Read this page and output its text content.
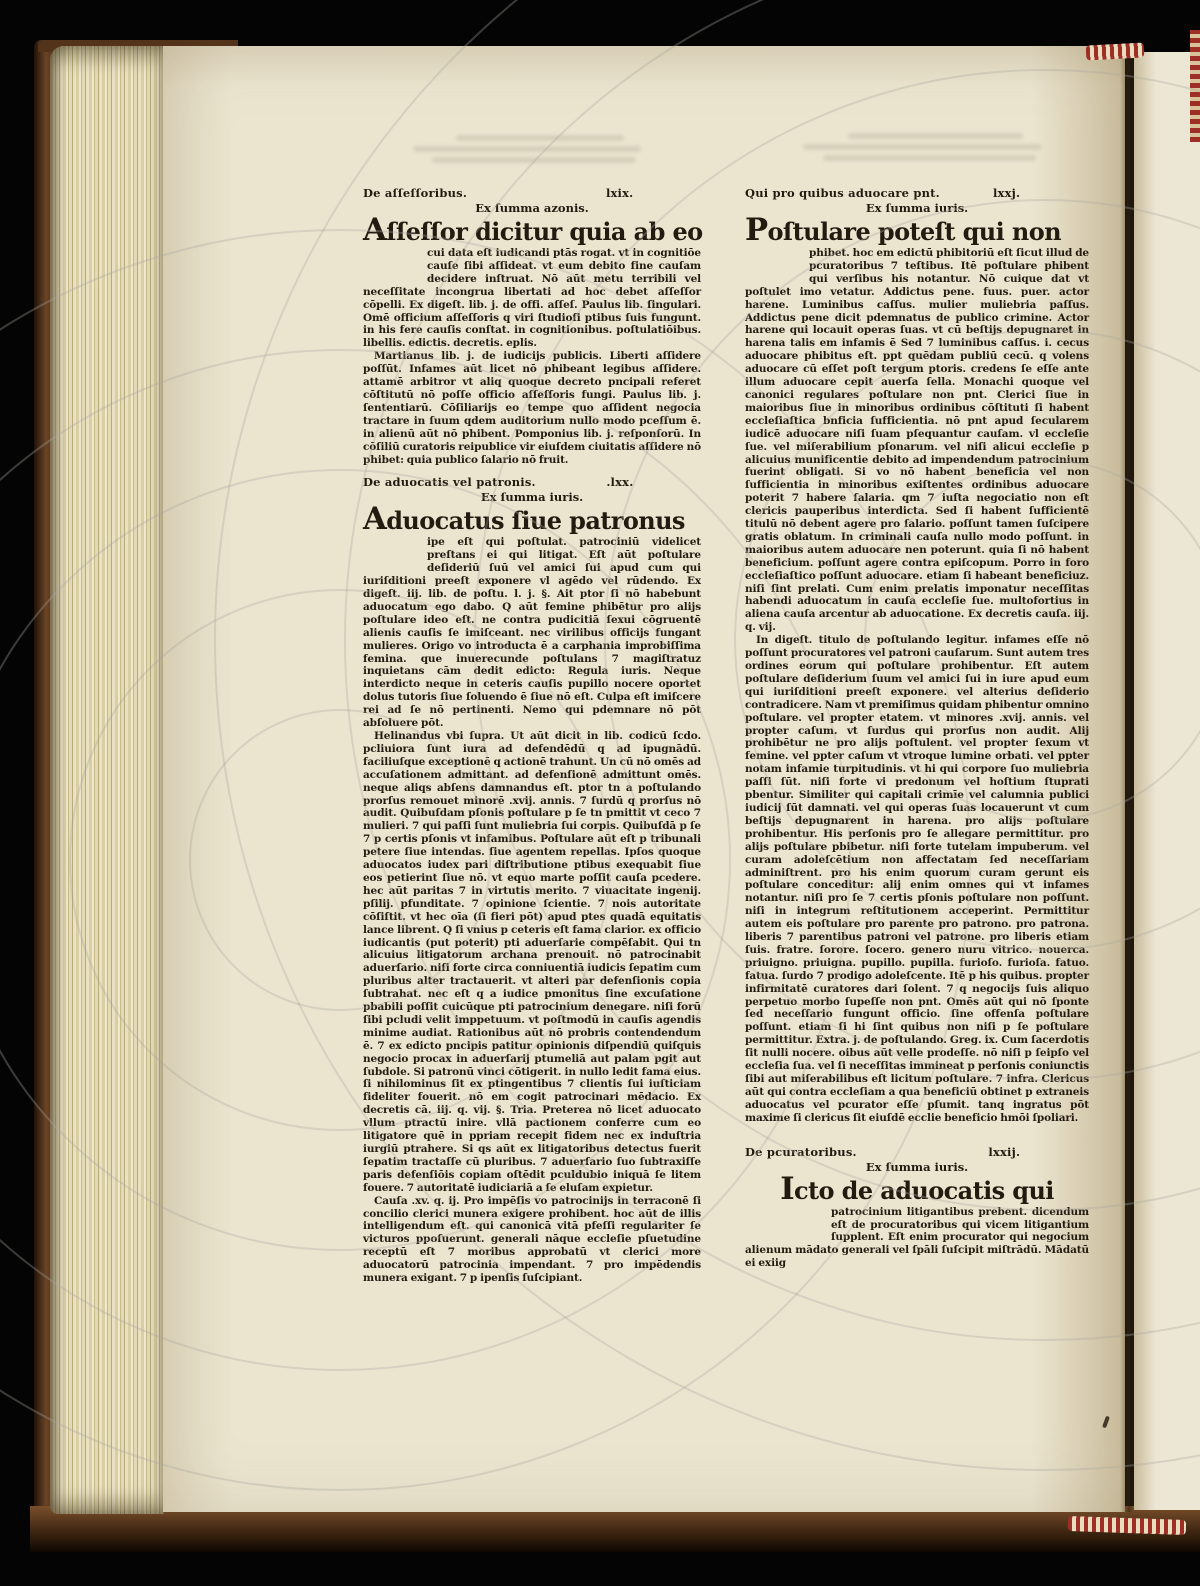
De aſſeſſoribus.	lxix.
Ex ſumma azonis.
Aſſeſſor dicitur quia ab eo

cui data eſt iudicandi ptās rogat. vt in cognitiōe cauſe ſibi aſſideat. vt eum debito fine cauſam decidere inſtruat. Nō aūt metu terribili vel neceſſitate incongrua libertati ad hoc debet aſſeſſor cōpelli. Ex digeſt. lib. j. de offi. aſſeſ. Paulus lib. ſingulari. Omē officium aſſeſſoris q viri ſtudioſi ptibus ſuis fungunt. in his fere cauſis conſtat. in cognitionibus. poſtulatiōibus. libellis. edictis. decretis. eplis.

Martianus lib. j. de iudicijs publicis. Liberti aſſidere poſſūt. Infames aūt licet nō phibeant legibus aſſidere. attamē arbitror vt aliq quoque decreto pncipali referet cōſtitutū nō poſſe officio aſſeſſoris fungi. Paulus lib. j. ſententiarū. Cōſiliarijs eo tempe quo aſſident negocia tractare in ſuum qdem auditorium nullo modo pceſſum ē. in alienū aūt nō phibent. Pomponius lib. j. reſponſorū. In cōſiliū curatoris reipublice vir eiuſdem ciuitatis aſſidere nō phibet: quia publico ſalario nō fruit.

De aduocatis vel patronis.	.lxx.
Ex ſumma iuris.
Aduocatus ſiue patronus

ipe eſt qui poſtulat. patrociniū videlicet preſtans ei qui litigat. Eſt aūt poſtulare deſideriū ſuū vel amici ſui apud cum qui iuriſditioni preeſt exponere vl agēdo vel rūdendo. Ex digeſt. iij. lib. de poſtu. l. j. §. Ait ptor ſi nō habebunt aduocatum ego dabo. Q aūt femine phibētur pro alijs poſtulare ideo eſt. ne contra pudicitiā ſexui cōgruentē alienis cauſis ſe imiſceant. nec virilibus officijs fungant mulieres. Origo vo introducta ē a carphania improbiſſima femina. que inuerecunde poſtulans 7 magiſtratuz inquietans cām dedit edicto: Regula iuris. Neque interdicto neque in ceteris cauſis pupillo nocere oportet dolus tutoris ſiue ſoluendo ē ſiue nō eſt. Culpa eſt imiſcere rei ad ſe nō pertinenti. Nemo qui pdemnare nō pōt abſoluere pōt.

Helinandus vbi ſupra. Ut aūt dicit in lib. codicū ſcdo. pcliuiora ſunt iura ad defendēdū q ad ipugnādū. faciliuſque exceptionē q actionē trahunt. Un cū nō omēs ad accuſationem admittant. ad defenſionē admittunt omēs. neque aliqs abſens damnandus eſt. ptor tn a poſtulando prorſus remouet minorē .xvij. annis. 7 ſurdū q prorſus nō audit. Quibuſdam pſonis poſtulare p ſe tn pmittit vt ceco 7 mulieri. 7 qui paſſi ſunt muliebria ſui corpis. Quibuſdā p ſe 7 p certis pſonis vt infamibus. Poſtulare aūt eſt p tribunali petere ſiue intendas. ſiue agentem repellas. Ipſos quoque aduocatos iudex pari diſtributione ptibus exequabit ſiue eos petierint ſiue nō. vt equo marte poſſit cauſa pcedere. hec aūt paritas 7 in virtutis merito. 7 viuacitate ingenij. pſilij. pfunditate. 7 opinione ſcientie. 7 nois autoritate cōſiſtit. vt hec oīa (ſi fieri pōt) apud ptes quadā equitatis lance librent. Q ſi vnius p ceteris eſt fama clarior. ex officio iudicantis (put poterit) pti aduerſarie compēſabit. Qui tn alicuius litigatorum archana prenouit. nō patrocinabit aduerſario. niſi forte circa conniuentiā iudicis ſepatim cum pluribus alter tractauerit. vt alteri par defenſionis copia ſubtrahat. nec eſt q a iudice pmonitus ſine excuſatione pbabili poſſit cuicūque pti patrocinium denegare. niſi forū ſibi pcludi velit imppetuum. vt poſtmodū in cauſis agendis minime audiat. Rationibus aūt nō probris contendendum ē. 7 ex edicto pncipis patitur opinionis diſpendiū quiſquis negocio procax in aduerſarij ptumeliā aut palam pgit aut ſubdole. Si patronū vinci cōtigerit. in nullo ledit fama eius. ſi nihilominus ſit ex ptingentibus 7 clientis ſui iuſticiam fideliter fouerit. nō em cogit patrocinari mēdacio. Ex decretis cā. iij. q. vij. §. Tria. Preterea nō licet aduocato vllum ptractū inire. vllā pactionem conferre cum eo litigatore quē in ppriam recepit fidem nec ex induſtria iurgiū ptrahere. Si qs aūt ex litigatoribus detectus fuerit ſepatim tractaſſe cū pluribus. 7 aduerſario ſuo ſubtraxiſſe paris defenſiōis copiam oſtēdit pculdubio iniquā ſe litem fouere. 7 autoritatē iudiciariā a ſe eluſam expietur.

Cauſa .xv. q. ij. Pro impēſis vo patrocinijs in terraconē ſi concilio clerici munera exigere prohibent. hoc aūt de illis intelligendum eſt. qui canonicā vitā pfeſſi regulariter ſe victuros ppoſuerunt. generali nāque eccleſie pſuetudine receptū eſt 7 moribus approbatū vt clerici more aduocatorū patrocinia impendant. 7 pro impēdendis munera exigant. 7 p ipenſis ſuſcipiant.

Qui pro quibus aduocare pnt.	lxxj.
Ex ſumma iuris.
Poſtulare poteſt qui non

phibet. hoc em edictū phibitoriū eſt ſicut illud de pcuratoribus 7 teſtibus. Itē poſtulare phibent qui verſibus his notantur. Nō cuique dat vt poſtulet imo vetatur. Addictus pene. fuus. puer. actor harene. Luminibus caſſus. mulier muliebria paſſus. Addictus pene dicit pdemnatus de publico crimine. Actor harene qui locauit operas ſuas. vt cū beſtijs depugnaret in harena talis em infamis ē Sed 7 luminibus caſſus. i. cecus aduocare phibitus eſt. ppt quēdam publiū cecū. q volens aduocare cū eſſet poſt tergum ptoris. credens ſe eſſe ante illum aduocare cepit auerſa ſella. Monachi quoque vel canonici regulares poſtulare non pnt. Clerici ſiue in maioribus ſiue in minoribus ordinibus cōſtituti ſi habent eccleſiaſtica bnficia ſufficientia. nō pnt apud ſecularem iudicē aduocare niſi ſuam pſequantur cauſam. vl eccleſie ſue. vel miſerabilium pſonarum. vel niſi alicui eccleſie p alicuius munificentie debito ad impendendum patrocinium fuerint obligati. Si vo nō habent beneficia vel non ſufficientia in minoribus exiſtentes ordinibus aduocare poterit 7 habere ſalaria. qm 7 iuſta negociatio non eſt clericis pauperibus interdicta. Sed ſi habent ſufficientē titulū nō debent agere pro ſalario. poſſunt tamen ſuſcipere gratis oblatum. In criminali cauſa nullo modo poſſunt. in maioribus autem aduocare nen poterunt. quia ſi nō habent beneficium. poſſunt agere contra epiſcopum. Porro in foro eccleſiaſtico poſſunt aduocare. etiam ſi habeant beneficiuz. niſi ſint prelati. Cum enim prelatis imponatur neceſſitas habendi aduocatum in cauſa eccleſie ſue. multofortius in aliena cauſa arcentur ab aduocatione. Ex decretis cauſa. iij. q. vij.

In digeſt. titulo de poſtulando legitur. infames eſſe nō poſſunt procuratores vel patroni cauſarum. Sunt autem tres ordines eorum qui poſtulare prohibentur. Eſt autem poſtulare deſiderium ſuum vel amici ſui in iure apud eum qui iuriſditioni preeſt exponere. vel alterius deſiderio contradicere. Nam vt premiſimus quidam phibentur omnino poſtulare. vel propter etatem. vt minores .xvij. annis. vel propter caſum. vt ſurdus qui prorſus non audit. Alij prohibētur ne pro alijs poſtulent. vel propter ſexum vt femine. vel ppter caſum vt vtroque lumine orbati. vel ppter notam infamie turpitudinis. vt hi qui corpore ſuo muliebria paſſi ſūt. niſi forte vi predonum vel hoſtium ſtuprati pbentur. Similiter qui capitali crimīe vel calumnia publici iudicij ſūt damnati. vel qui operas ſuas locauerunt vt cum beſtijs depugnarent in harena. pro alijs poſtulare prohibentur. His perſonis pro ſe allegare permittitur. pro alijs poſtulare pbibetur. niſi forte tutelam impuberum. vel curam adoleſcētium non affectatam ſed neceſſariam adminiſtrent. pro his enim quorum curam gerunt eis poſtulare conceditur: alij enim omnes qui vt infames notantur. niſi pro ſe 7 certis pſonis poſtulare non poſſunt. niſi in integrum reſtitutionem acceperint. Permittitur autem eis poſtulare pro parente pro patrono. pro patrona. liberis 7 parentibus patroni vel patrone. pro liberis etiam ſuis. fratre. ſorore. ſocero. genero nuru vitrico. nouerca. priuigno. priuigna. pupillo. pupilla. furioſo. furioſa. fatuo. fatua. ſurdo 7 prodigo adoleſcente. Itē p his quibus. propter infirmitatē curatores dari ſolent. 7 q negocijs ſuis aliquo perpetuo morbo ſupeſſe non pnt. Omēs aūt qui nō ſponte ſed neceſſario fungunt officio. ſine offenſa poſtulare poſſunt. etiam ſi hi ſint quibus non niſi p ſe poſtulare permittitur. Extra. j. de poſtulando. Greg. ix. Cum ſacerdotis ſit nulli nocere. oibus aūt velle prodeſſe. nō niſi p ſeipſo vel eccleſia ſua. vel ſi neceſſitas immineat p perſonis coniunctis ſibi aut miſerabilibus eſt licitum poſtulare. 7 infra. Clericus aūt qui contra eccleſiam a qua beneficiū obtinet p extraneis aduocatus vel pcurator eſſe pſumit. tanq ingratus pōt maxime ſi clericus ſit eiuſdē ecclie beneficio hmōi ſpoliari.

De pcuratoribus.	lxxij.
Ex ſumma iuris.
Icto de aduocatis qui

patrocinium litigantibus prebent. dicendum eſt de procuratoribus qui vicem litigantium ſupplent. Eſt enim procurator qui negocium alienum mādato generali vel ſpāli ſuſcipit miſtrādū. Mādatū ei exiig
